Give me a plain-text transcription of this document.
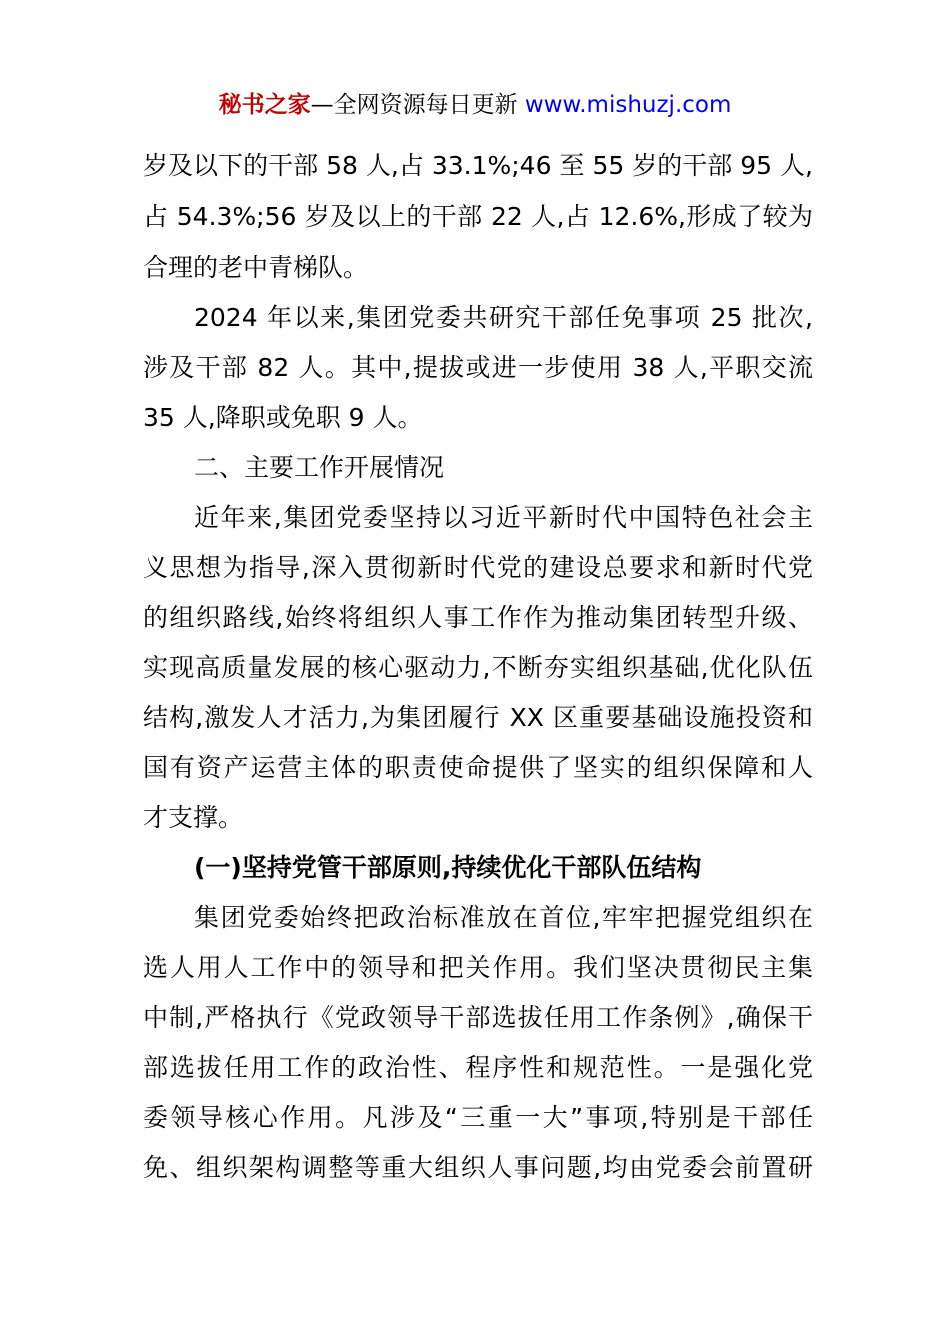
秘书之家—全网资源每日更新 www.mishuzj.com
岁及以下的干部 58 人,占 33.1%;46 至 55 岁的干部 95 人,
占 54.3%;56 岁及以上的干部 22 人,占 12.6%,形成了较为
合理的老中青梯队。
2024 年以来,集团党委共研究干部任免事项 25 批次,
涉及干部 82 人。其中,提拔或进一步使用 38 人,平职交流
35 人,降职或免职 9 人。
二、主要工作开展情况
近年来,集团党委坚持以习近平新时代中国特色社会主
义思想为指导,深入贯彻新时代党的建设总要求和新时代党
的组织路线,始终将组织人事工作作为推动集团转型升级、
实现高质量发展的核心驱动力,不断夯实组织基础,优化队伍
结构,激发人才活力,为集团履行 XX 区重要基础设施投资和
国有资产运营主体的职责使命提供了坚实的组织保障和人
才支撑。
(一)坚持党管干部原则,持续优化干部队伍结构
集团党委始终把政治标准放在首位,牢牢把握党组织在
选人用人工作中的领导和把关作用。我们坚决贯彻民主集
中制,严格执行《党政领导干部选拔任用工作条例》,确保干
部选拔任用工作的政治性、程序性和规范性。一是强化党
委领导核心作用。凡涉及“三重一大”事项,特别是干部任
免、组织架构调整等重大组织人事问题,均由党委会前置研
